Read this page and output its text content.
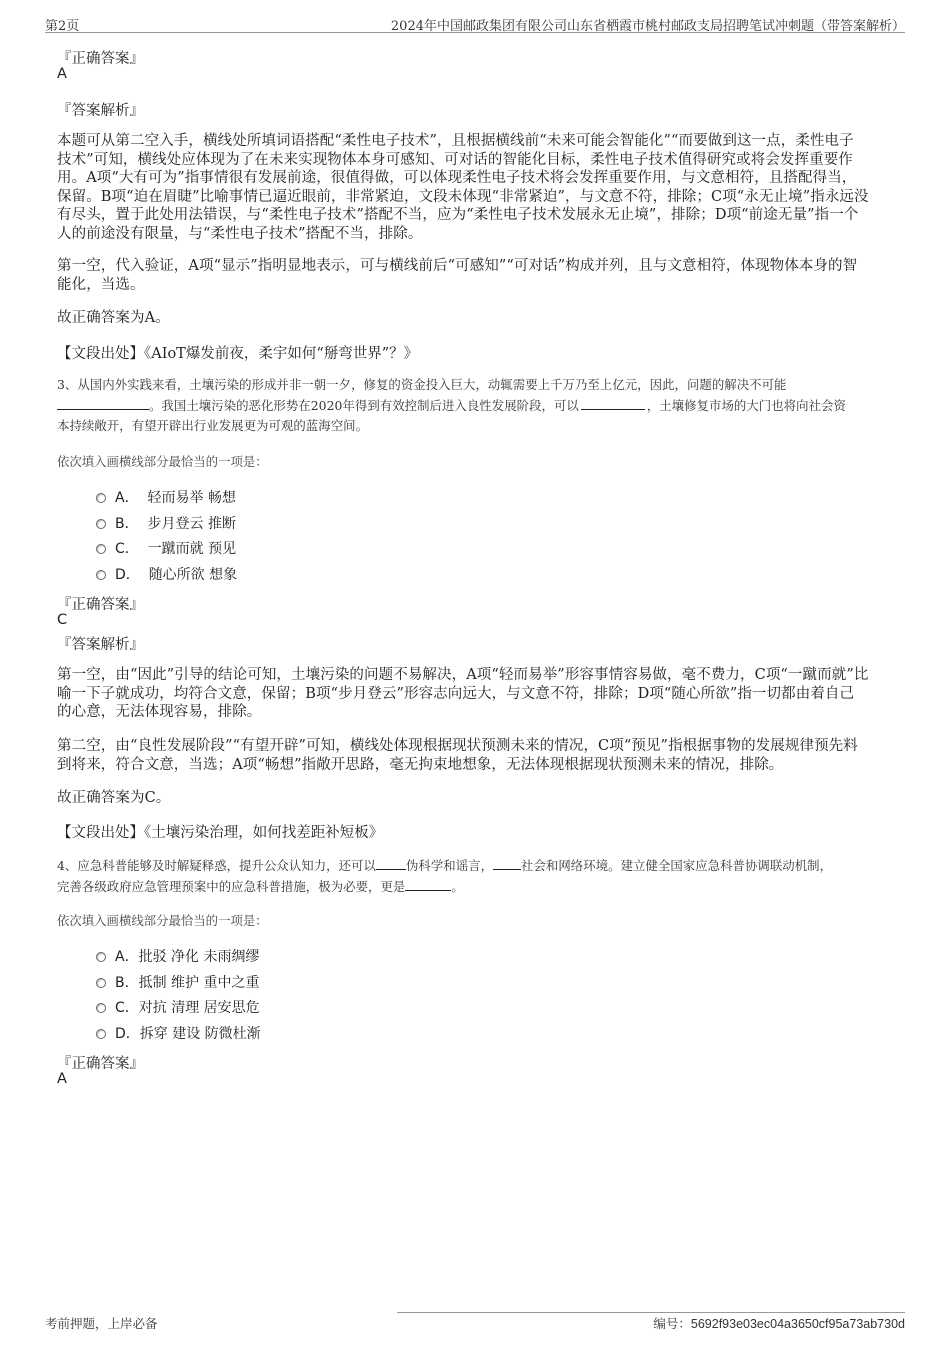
第2页	2024年中国邮政集团有限公司山东省栖霞市桃村邮政支局招聘笔试冲刺题（带答案解析）
『正确答案』
A
『答案解析』
本题可从第二空入手，横线处所填词语搭配“柔性电子技术”，且根据横线前“未来可能会智能化”“而要做到这一点，柔性电子
技术”可知，横线处应体现为了在未来实现物体本身可感知、可对话的智能化目标，柔性电子技术值得研究或将会发挥重要作
用。A项“大有可为”指事情很有发展前途，很值得做，可以体现柔性电子技术将会发挥重要作用，与文意相符，且搭配得当，
保留。B项“迫在眉睫”比喻事情已逼近眼前，非常紧迫，文段未体现“非常紧迫”，与文意不符，排除；C项“永无止境”指永远没
有尽头，置于此处用法错误，与“柔性电子技术”搭配不当，应为“柔性电子技术发展永无止境”，排除；D项“前途无量”指一个
人的前途没有限量，与“柔性电子技术”搭配不当，排除。
第一空，代入验证，A项“显示”指明显地表示，可与横线前后“可感知”“可对话”构成并列，且与文意相符，体现物体本身的智
能化，当选。
故正确答案为A。
【文段出处】《AIoT爆发前夜，柔宇如何“掰弯世界”？》
3、从国内外实践来看，土壤污染的形成并非一朝一夕，修复的资金投入巨大，动辄需要上千万乃至上亿元，因此，问题的解决不可能
。我国土壤污染的恶化形势在2020年得到有效控制后进入良性发展阶段，可以	，土壤修复市场的大门也将向社会资
本持续敞开，有望开辟出行业发展更为可观的蓝海空间。
依次填入画横线部分最恰当的一项是：
A． 轻而易举 畅想
B． 步月登云 推断
C． 一蹴而就 预见
D． 随心所欲 想象
『正确答案』
C
『答案解析』
第一空，由“因此”引导的结论可知，土壤污染的问题不易解决，A项“轻而易举”形容事情容易做，毫不费力，C项“一蹴而就”比
喻一下子就成功，均符合文意，保留；B项“步月登云”形容志向远大，与文意不符，排除；D项“随心所欲”指一切都由着自己
的心意，无法体现容易，排除。
第二空，由“良性发展阶段”“有望开辟”可知，横线处体现根据现状预测未来的情况，C项“预见”指根据事物的发展规律预先料
到将来，符合文意，当选；A项“畅想”指敞开思路，毫无拘束地想象，无法体现根据现状预测未来的情况，排除。
故正确答案为C。
【文段出处】《土壤污染治理，如何找差距补短板》
4、应急科普能够及时解疑释惑，提升公众认知力，还可以 伪科学和谣言， 社会和网络环境。建立健全国家应急科普协调联动机制，
完善各级政府应急管理预案中的应急科普措施，极为必要，更是	。
依次填入画横线部分最恰当的一项是：
A．批驳 净化 未雨绸缪
B．抵制 维护 重中之重
C．对抗 清理 居安思危
D．拆穿 建设 防微杜渐
『正确答案』
A
考前押题，上岸必备	编号：5692f93e03ec04a3650cf95a73ab730d
